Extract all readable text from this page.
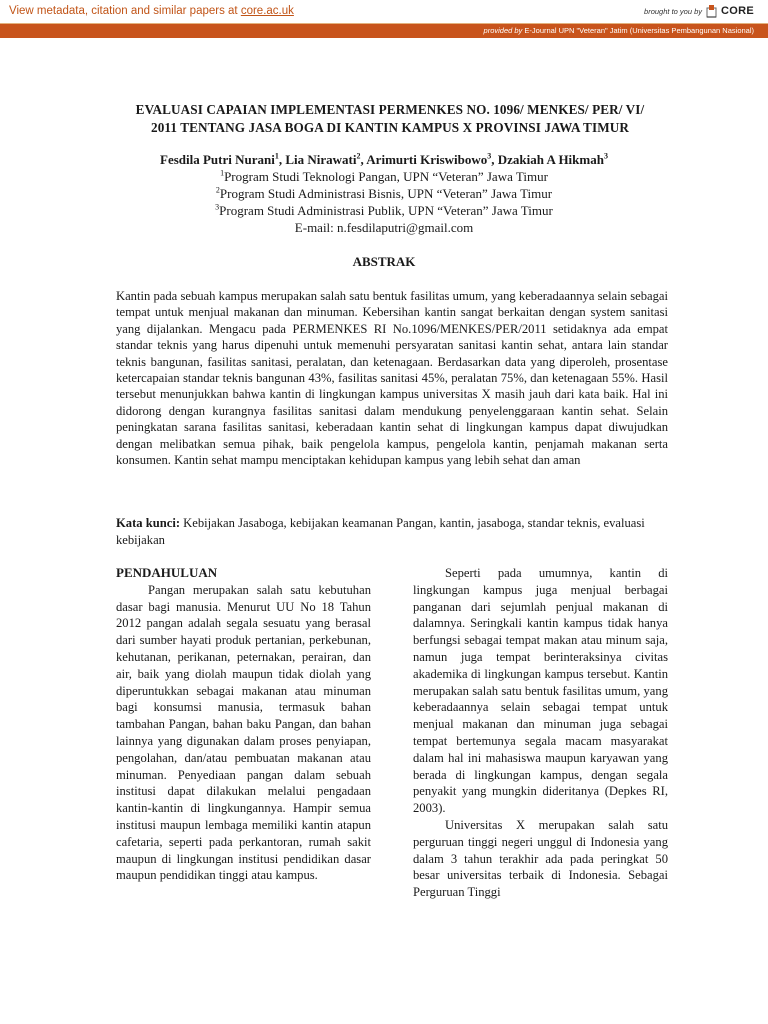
View metadata, citation and similar papers at core.ac.uk	brought to you by CORE
provided by E-Journal UPN "Veteran" Jatim (Universitas Pembangunan Nasional)
EVALUASI CAPAIAN IMPLEMENTASI PERMENKES NO. 1096/ MENKES/ PER/ VI/
2011 TENTANG JASA BOGA DI KANTIN KAMPUS X PROVINSI JAWA TIMUR
Fesdila Putri Nurani$^1$, Lia Nirawati$^2$, Arimurti Kriswibowo$^3$, Dzakiah A Hikmah$^3$
$^1$Program Studi Teknologi Pangan, UPN “Veteran” Jawa Timur
$^2$Program Studi Administrasi Bisnis, UPN “Veteran” Jawa Timur
$^3$Program Studi Administrasi Publik, UPN “Veteran” Jawa Timur
E-mail: n.fesdilaputri@gmail.com
ABSTRAK

Kantin pada sebuah kampus merupakan salah satu bentuk fasilitas umum, yang keberadaannya selain sebagai tempat untuk menjual makanan dan minuman. Kebersihan kantin sangat berkaitan dengan system sanitasi yang dijalankan. Mengacu pada PERMENKES RI No.1096/MENKES/PER/2011 setidaknya ada empat standar teknis yang harus dipenuhi untuk memenuhi persyaratan sanitasi kantin sehat, antara lain standar teknis bangunan, fasilitas sanitasi, peralatan, dan ketenagaan. Berdasarkan data yang diperoleh, prosentase ketercapaian standar teknis bangunan 43%, fasilitas sanitasi 45%, peralatan 75%, dan ketenagaan 55%. Hasil tersebut menunjukkan bahwa kantin di lingkungan kampus universitas X masih jauh dari kata baik. Hal ini didorong dengan kurangnya fasilitas sanitasi dalam mendukung penyelenggaraan kantin sehat. Selain peningkatan sarana fasilitas sanitasi, keberadaan kantin sehat di lingkungan kampus dapat diwujudkan dengan melibatkan semua pihak, baik pengelola kampus, pengelola kantin, penjamah makanan serta konsumen. Kantin sehat mampu menciptakan kehidupan kampus yang lebih sehat dan aman

Kata kunci: Kebijakan Jasaboga, kebijakan keamanan Pangan, kantin, jasaboga, standar teknis, evaluasi kebijakan

PENDAHULUAN

Pangan merupakan salah satu kebutuhan dasar bagi manusia. Menurut UU No 18 Tahun 2012 pangan adalah segala sesuatu yang berasal dari sumber hayati produk pertanian, perkebunan, kehutanan, perikanan, peternakan, perairan, dan air, baik yang diolah maupun tidak diolah yang diperuntukkan sebagai makanan atau minuman bagi konsumsi manusia, termasuk bahan tambahan Pangan, bahan baku Pangan, dan bahan lainnya yang digunakan dalam proses penyiapan, pengolahan, dan/atau pembuatan makanan atau minuman. Penyediaan pangan dalam sebuah institusi dapat dilakukan melalui pengadaan kantin-kantin di lingkungannya. Hampir semua institusi maupun lembaga memiliki kantin atapun cafetaria, seperti pada perkantoran, rumah sakit maupun di lingkungan institusi pendidikan dasar maupun pendidikan tinggi atau kampus.

Seperti pada umumnya, kantin di lingkungan kampus juga menjual berbagai panganan dari sejumlah penjual makanan di dalamnya. Seringkali kantin kampus tidak hanya berfungsi sebagai tempat makan atau minum saja, namun juga tempat berinteraksinya civitas akademika di lingkungan kampus tersebut. Kantin merupakan salah satu bentuk fasilitas umum, yang keberadaannya selain sebagai tempat untuk menjual makanan dan minuman juga sebagai tempat bertemunya segala macam masyarakat dalam hal ini mahasiswa maupun karyawan yang berada di lingkungan kampus, dengan segala penyakit yang mungkin dideritanya (Depkes RI, 2003).

Universitas X merupakan salah satu perguruan tinggi negeri unggul di Indonesia yang dalam 3 tahun terakhir ada pada peringkat 50 besar universitas terbaik di Indonesia. Sebagai Perguruan Tinggi
